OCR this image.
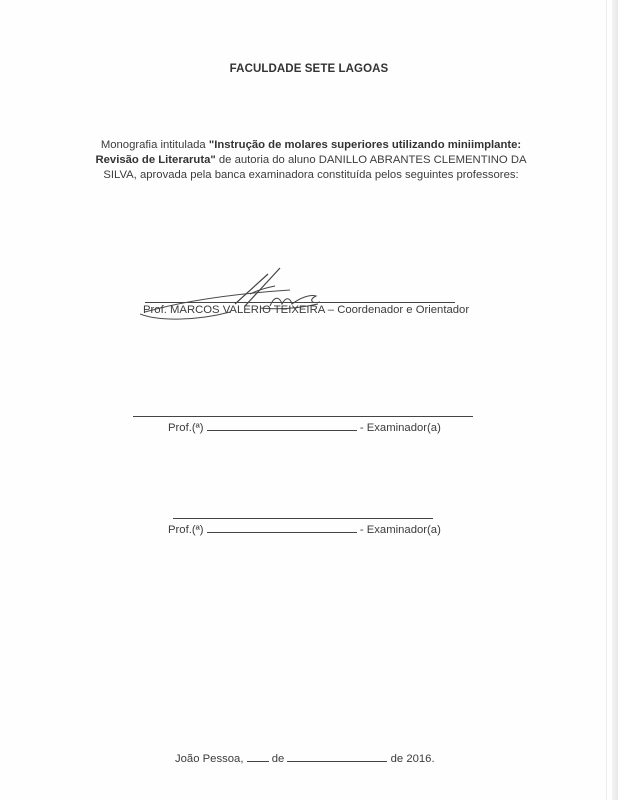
FACULDADE SETE LAGOAS
Monografia intitulada "Instrução de molares superiores utilizando miniimplante: Revisão de Literaruta" de autoria do aluno DANILLO ABRANTES CLEMENTINO DA SILVA, aprovada pela banca examinadora constituída pelos seguintes professores:
Prof. MARCOS VALERIO TEIXEIRA – Coordenador e Orientador
Prof.(ª)	- Examinador(a)
Prof.(ª)	- Examinador(a)
João Pessoa,	de	de 2016.
